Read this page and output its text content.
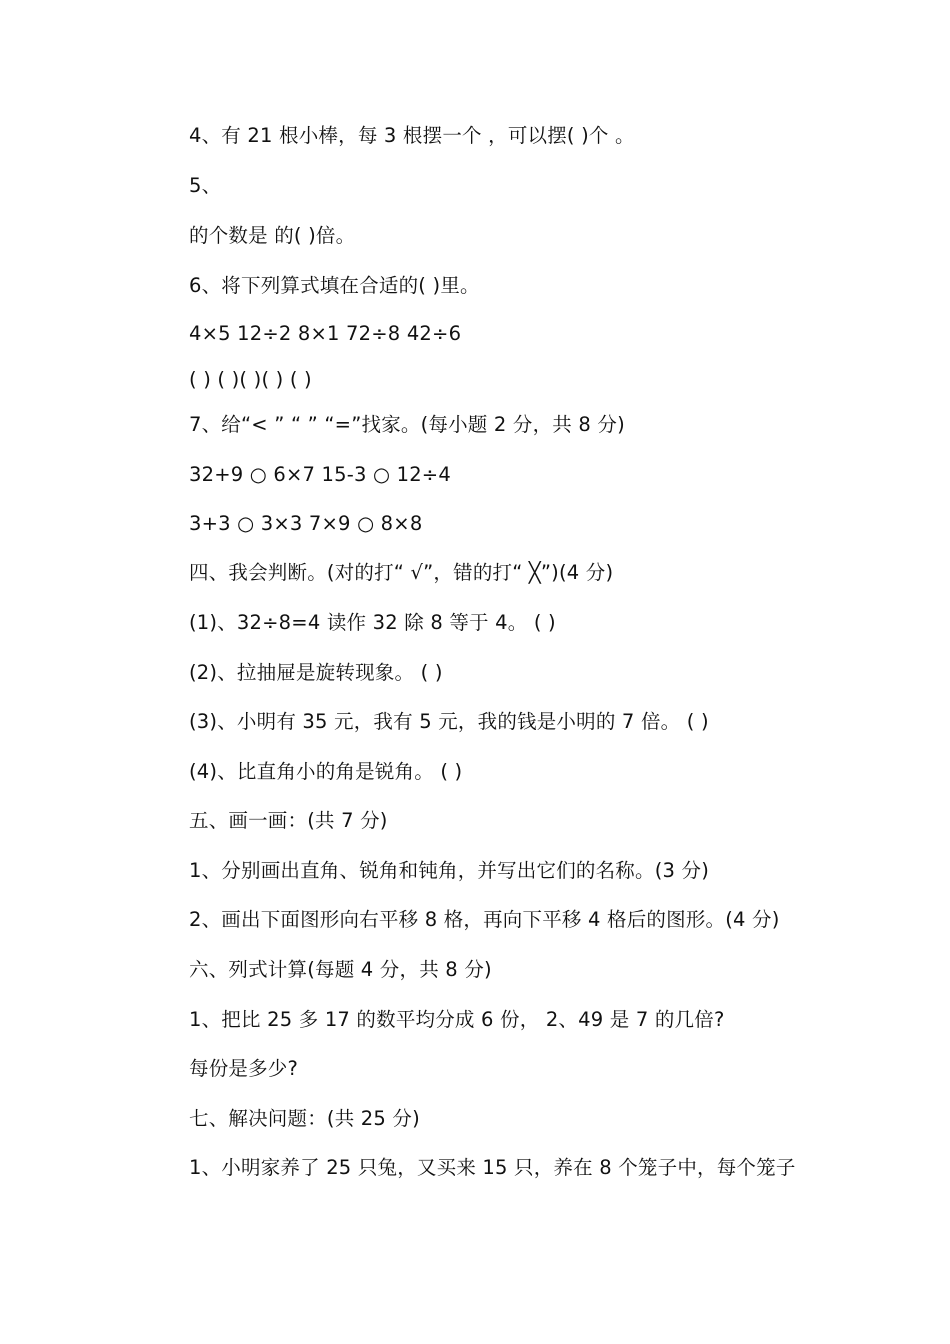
4、有 21 根小棒，每 3 根摆一个 ，可以摆( )个 。
5、
的个数是 的( )倍。
6、将下列算式填在合适的( )里。
4×5 12÷2 8×1 72÷8 42÷6
( ) ( )( )( ) ( )
7、给“< ” “ ” “=”找家。(每小题 2 分，共 8 分)
32+9 ○ 6×7 15-3 ○ 12÷4
3+3 ○ 3×3 7×9 ○ 8×8
四、我会判断。(对的打“ √”，错的打“ ╳”)(4 分)
(1)、32÷8=4 读作 32 除 8 等于 4。 ( )
(2)、拉抽屉是旋转现象。 ( )
(3)、小明有 35 元，我有 5 元，我的钱是小明的 7 倍。 ( )
(4)、比直角小的角是锐角。 ( )
五、画一画：(共 7 分)
1、分别画出直角、锐角和钝角，并写出它们的名称。(3 分)
2、画出下面图形向右平移 8 格，再向下平移 4 格后的图形。(4 分)
六、列式计算(每题 4 分，共 8 分)
1、把比 25 多 17 的数平均分成 6 份， 2、49 是 7 的几倍?
每份是多少?
七、解决问题：(共 25 分)
1、小明家养了 25 只兔，又买来 15 只，养在 8 个笼子中，每个笼子
